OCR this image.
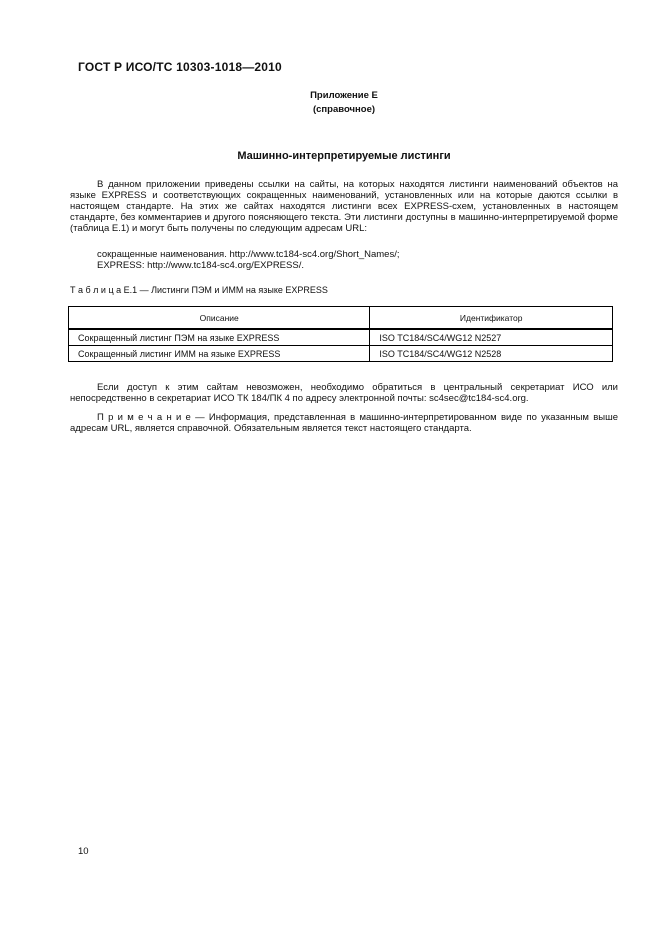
ГОСТ Р ИСО/ТС 10303-1018—2010
Приложение Е
(справочное)
Машинно-интерпретируемые листинги
В данном приложении приведены ссылки на сайты, на которых находятся листинги наименований объектов на языке EXPRESS и соответствующих сокращенных наименований, установленных или на которые даются ссылки в настоящем стандарте. На этих же сайтах находятся листинги всех EXPRESS-схем, установленных в настоящем стандарте, без комментариев и другого поясняющего текста. Эти листинги доступны в машинно-интерпретируемой форме (таблица Е.1) и могут быть получены по следующим адресам URL:
сокращенные наименования. http://www.tc184-sc4.org/Short_Names/;
EXPRESS: http://www.tc184-sc4.org/EXPRESS/.
Т а б л и ц а Е.1 — Листинги ПЭМ и ИММ на языке EXPRESS
Описание	Идентификатор
Сокращенный листинг ПЭМ на языке EXPRESS	ISO TC184/SC4/WG12 N2527
Сокращенный листинг ИММ на языке EXPRESS	ISO TC184/SC4/WG12 N2528
Если доступ к этим сайтам невозможен, необходимо обратиться в центральный секретариат ИСО или непосредственно в секретариат ИСО ТК 184/ПК 4 по адресу электронной почты: sc4sec@tc184-sc4.org.
П р и м е ч а н и е — Информация, представленная в машинно-интерпретированном виде по указанным выше адресам URL, является справочной. Обязательным является текст настоящего стандарта.
10
